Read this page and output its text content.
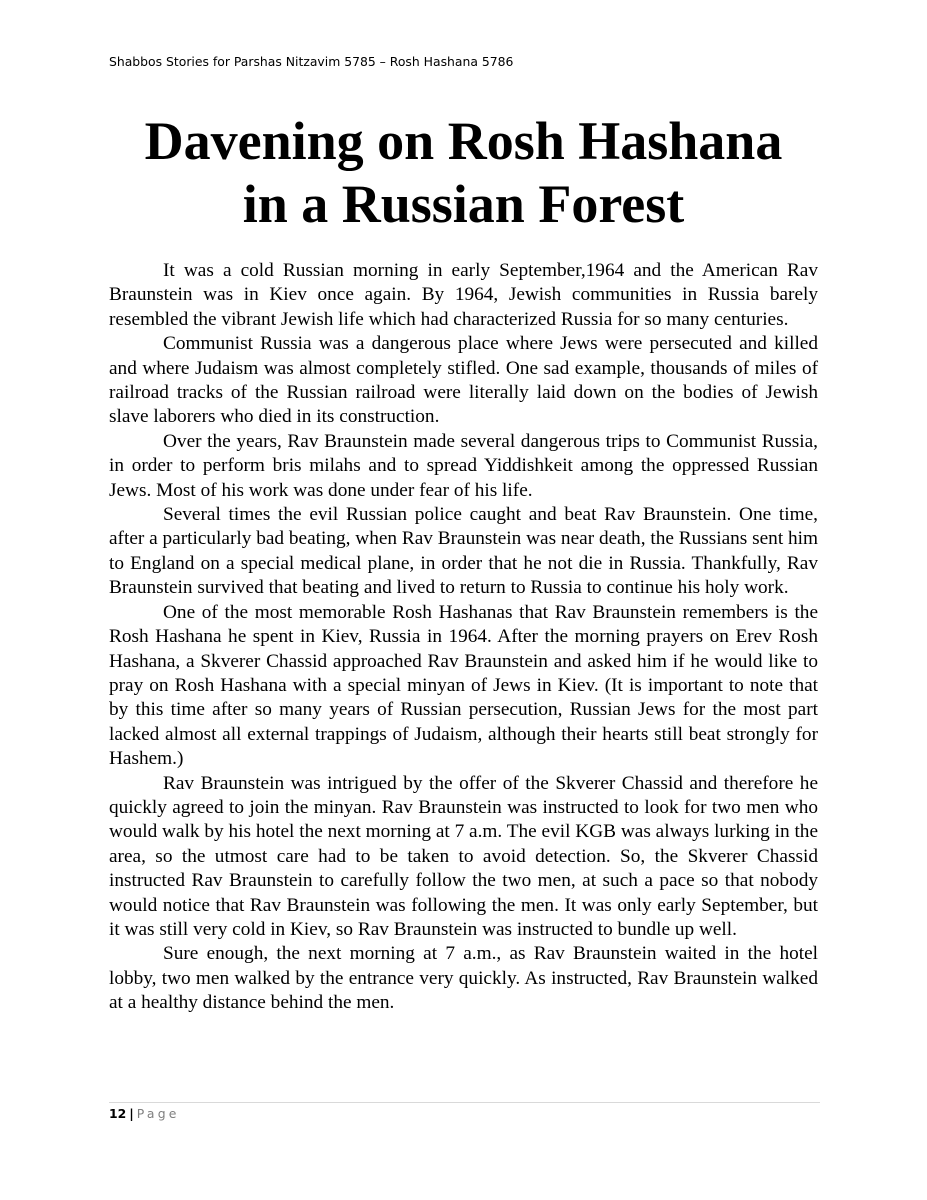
Shabbos Stories for Parshas Nitzavim 5785 – Rosh Hashana 5786
Davening on Rosh Hashana
in a Russian Forest

It was a cold Russian morning in early September,1964 and the American Rav Braunstein was in Kiev once again. By 1964, Jewish communities in Russia barely resembled the vibrant Jewish life which had characterized Russia for so many centuries.

Communist Russia was a dangerous place where Jews were persecuted and killed and where Judaism was almost completely stifled. One sad example, thousands of miles of railroad tracks of the Russian railroad were literally laid down on the bodies of Jewish slave laborers who died in its construction.

Over the years, Rav Braunstein made several dangerous trips to Communist Russia, in order to perform bris milahs and to spread Yiddishkeit among the oppressed Russian Jews. Most of his work was done under fear of his life.

Several times the evil Russian police caught and beat Rav Braunstein. One time, after a particularly bad beating, when Rav Braunstein was near death, the Russians sent him to England on a special medical plane, in order that he not die in Russia. Thankfully, Rav Braunstein survived that beating and lived to return to Russia to continue his holy work.

One of the most memorable Rosh Hashanas that Rav Braunstein remembers is the Rosh Hashana he spent in Kiev, Russia in 1964. After the morning prayers on Erev Rosh Hashana, a Skverer Chassid approached Rav Braunstein and asked him if he would like to pray on Rosh Hashana with a special minyan of Jews in Kiev. (It is important to note that by this time after so many years of Russian persecution, Russian Jews for the most part lacked almost all external trappings of Judaism, although their hearts still beat strongly for Hashem.)

Rav Braunstein was intrigued by the offer of the Skverer Chassid and therefore he quickly agreed to join the minyan. Rav Braunstein was instructed to look for two men who would walk by his hotel the next morning at 7 a.m. The evil KGB was always lurking in the area, so the utmost care had to be taken to avoid detection. So, the Skverer Chassid instructed Rav Braunstein to carefully follow the two men, at such a pace so that nobody would notice that Rav Braunstein was following the men. It was only early September, but it was still very cold in Kiev, so Rav Braunstein was instructed to bundle up well.

Sure enough, the next morning at 7 a.m., as Rav Braunstein waited in the hotel lobby, two men walked by the entrance very quickly. As instructed, Rav Braunstein walked at a healthy distance behind the men.

12 | Page
